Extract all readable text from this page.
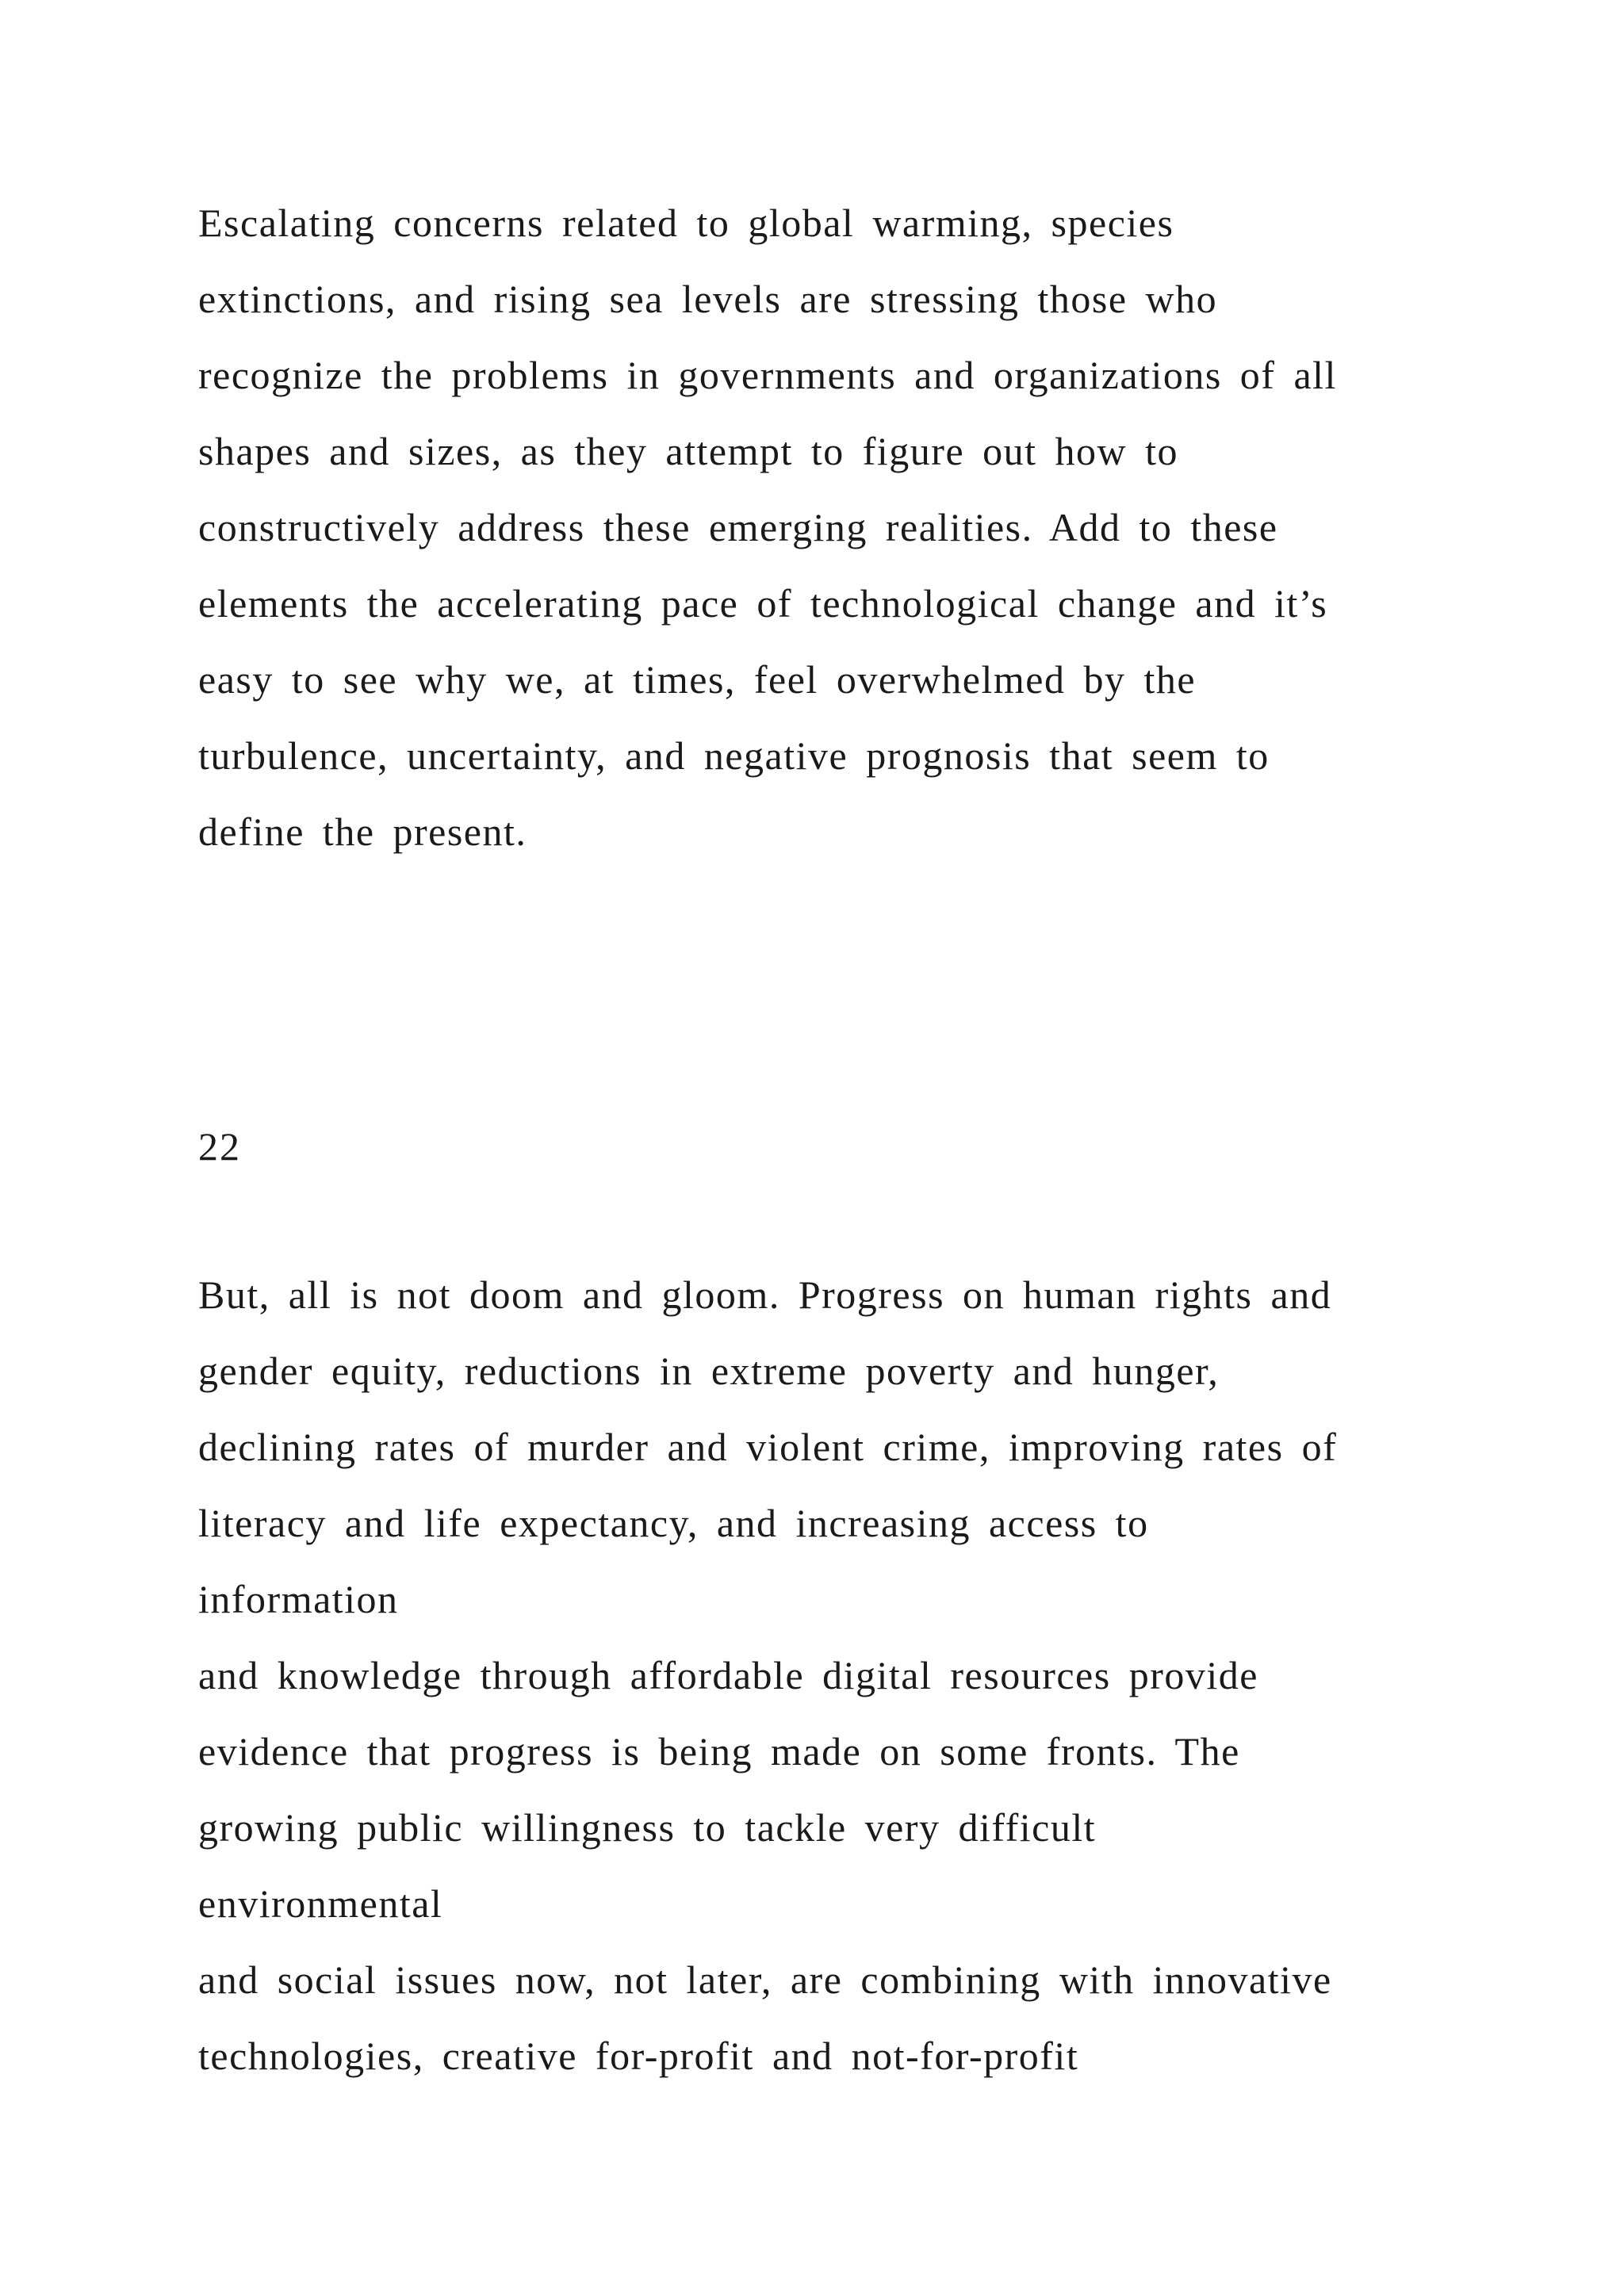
Escalating concerns related to global warming, species
extinctions, and rising sea levels are stressing those who
recognize the problems in governments and organizations of all
shapes and sizes, as they attempt to figure out how to
constructively address these emerging realities. Add to these
elements the accelerating pace of technological change and it’s
easy to see why we, at times, feel overwhelmed by the
turbulence, uncertainty, and negative prognosis that seem to
define the present.
22
But, all is not doom and gloom. Progress on human rights and
gender equity, reductions in extreme poverty and hunger,
declining rates of murder and violent crime, improving rates of
literacy and life expectancy, and increasing access to
information
and knowledge through affordable digital resources provide
evidence that progress is being made on some fronts. The
growing public willingness to tackle very difficult
environmental
and social issues now, not later, are combining with innovative
technologies, creative for-profit and not-for-profit
